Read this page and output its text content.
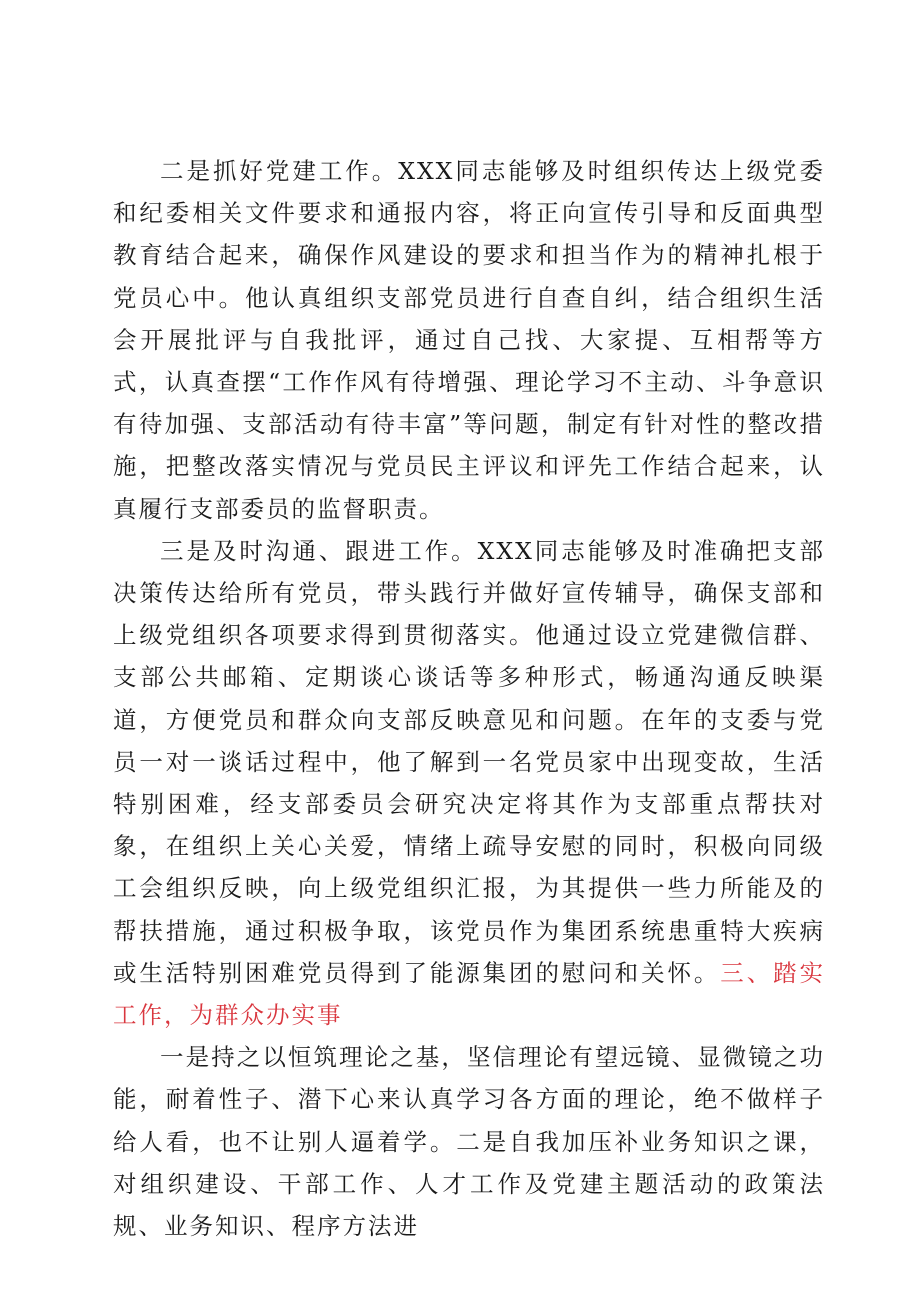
二是抓好党建工作。XXX同志能够及时组织传达上级党委和纪委相关文件要求和通报内容，将正向宣传引导和反面典型教育结合起来，确保作风建设的要求和担当作为的精神扎根于党员心中。他认真组织支部党员进行自查自纠，结合组织生活会开展批评与自我批评，通过自己找、大家提、互相帮等方式，认真查摆“工作作风有待增强、理论学习不主动、斗争意识有待加强、支部活动有待丰富”等问题，制定有针对性的整改措施，把整改落实情况与党员民主评议和评先工作结合起来，认真履行支部委员的监督职责。

三是及时沟通、跟进工作。XXX同志能够及时准确把支部决策传达给所有党员，带头践行并做好宣传辅导，确保支部和上级党组织各项要求得到贯彻落实。他通过设立党建微信群、支部公共邮箱、定期谈心谈话等多种形式，畅通沟通反映渠道，方便党员和群众向支部反映意见和问题。在年的支委与党员一对一谈话过程中，他了解到一名党员家中出现变故，生活特别困难，经支部委员会研究决定将其作为支部重点帮扶对象，在组织上关心关爱，情绪上疏导安慰的同时，积极向同级工会组织反映，向上级党组织汇报，为其提供一些力所能及的帮扶措施，通过积极争取，该党员作为集团系统患重特大疾病或生活特别困难党员得到了能源集团的慰问和关怀。三、踏实工作，为群众办实事

一是持之以恒筑理论之基，坚信理论有望远镜、显微镜之功能，耐着性子、潜下心来认真学习各方面的理论，绝不做样子给人看，也不让别人逼着学。二是自我加压补业务知识之课，对组织建设、干部工作、人才工作及党建主题活动的政策法规、业务知识、程序方法进
